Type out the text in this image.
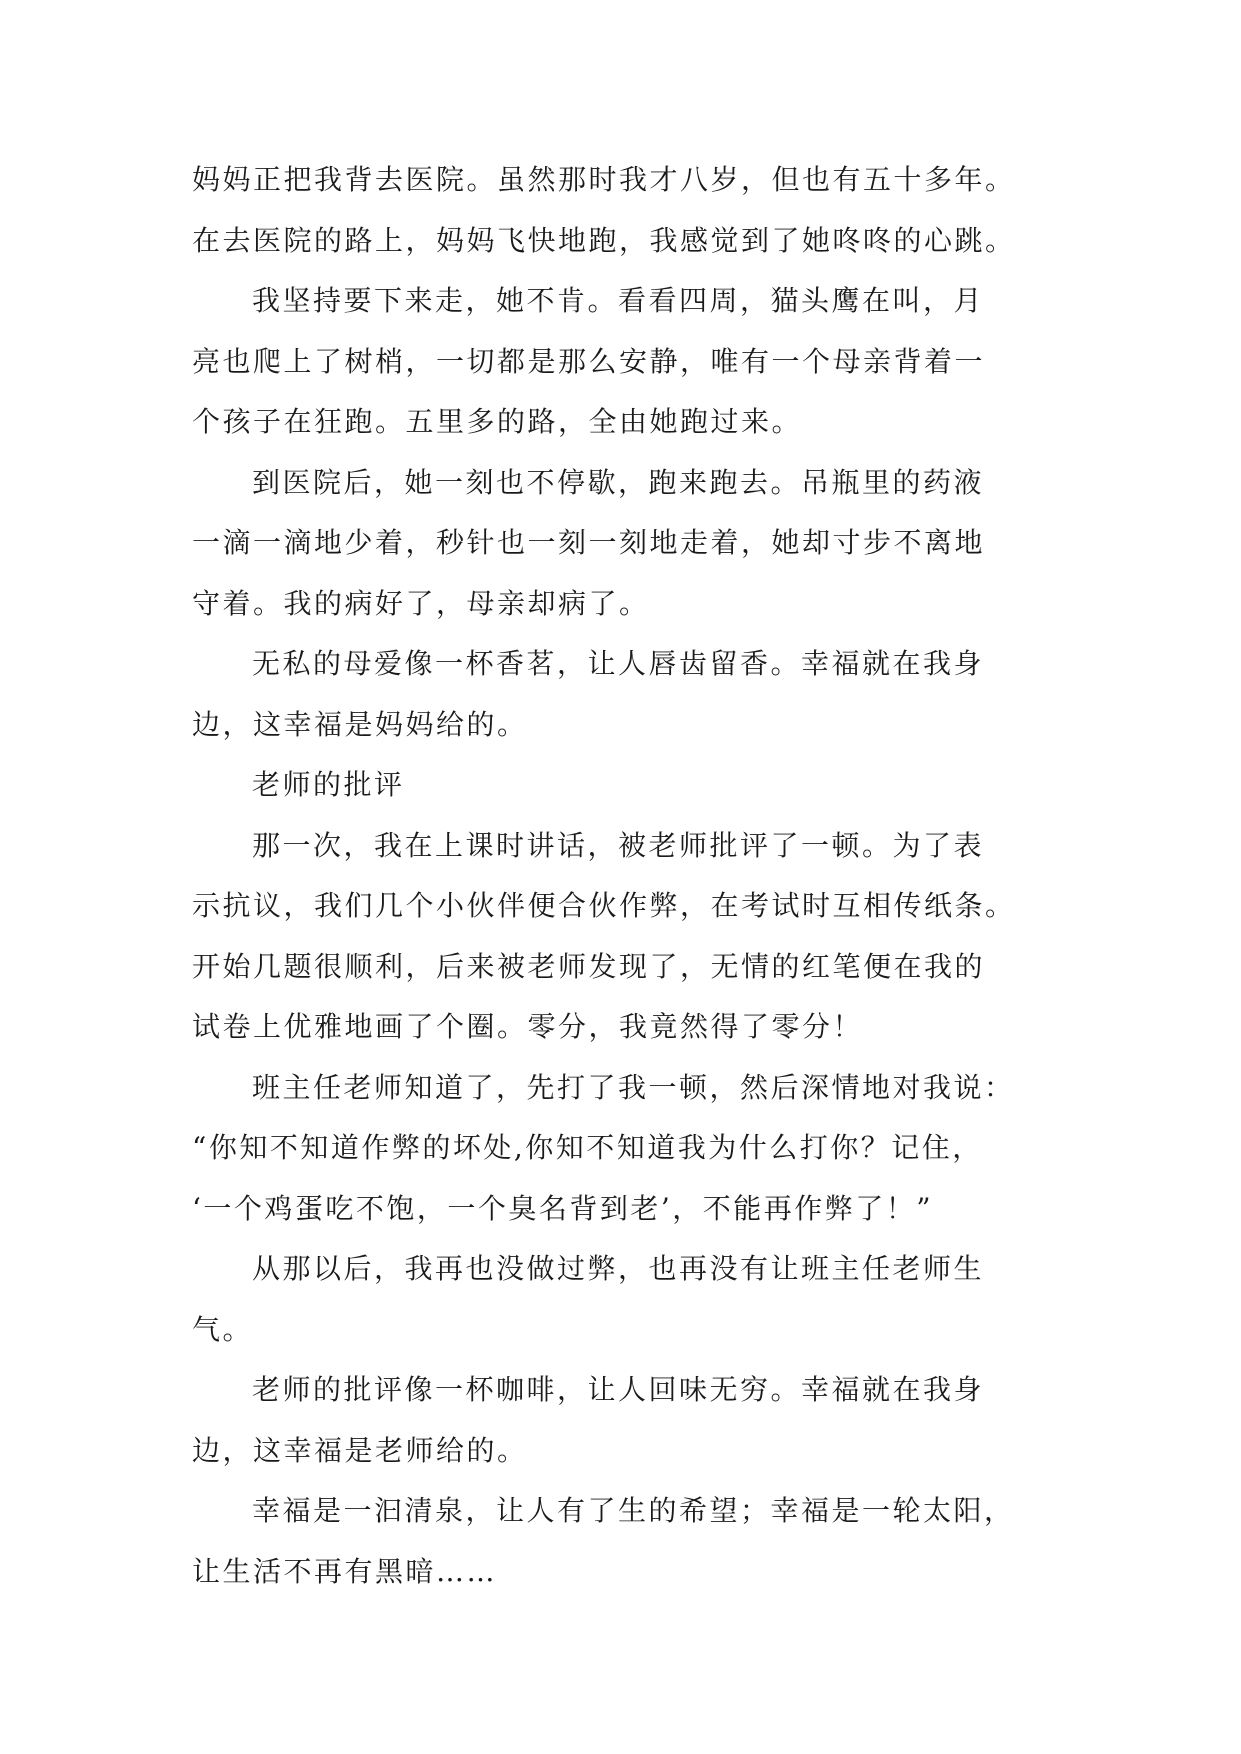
妈妈正把我背去医院。虽然那时我才八岁，但也有五十多年。
在去医院的路上，妈妈飞快地跑，我感觉到了她咚咚的心跳。
我坚持要下来走，她不肯。看看四周，猫头鹰在叫，月
亮也爬上了树梢，一切都是那么安静，唯有一个母亲背着一
个孩子在狂跑。五里多的路，全由她跑过来。
到医院后，她一刻也不停歇，跑来跑去。吊瓶里的药液
一滴一滴地少着，秒针也一刻一刻地走着，她却寸步不离地
守着。我的病好了，母亲却病了。
无私的母爱像一杯香茗，让人唇齿留香。幸福就在我身
边，这幸福是妈妈给的。
老师的批评
那一次，我在上课时讲话，被老师批评了一顿。为了表
示抗议，我们几个小伙伴便合伙作弊，在考试时互相传纸条。
开始几题很顺利，后来被老师发现了，无情的红笔便在我的
试卷上优雅地画了个圈。零分，我竟然得了零分！
班主任老师知道了，先打了我一顿，然后深情地对我说：
“你知不知道作弊的坏处,你知不知道我为什么打你？记住，
‘一个鸡蛋吃不饱，一个臭名背到老’，不能再作弊了！”
从那以后，我再也没做过弊，也再没有让班主任老师生
气。
老师的批评像一杯咖啡，让人回味无穷。幸福就在我身
边，这幸福是老师给的。
幸福是一汩清泉，让人有了生的希望；幸福是一轮太阳，
让生活不再有黑暗……
